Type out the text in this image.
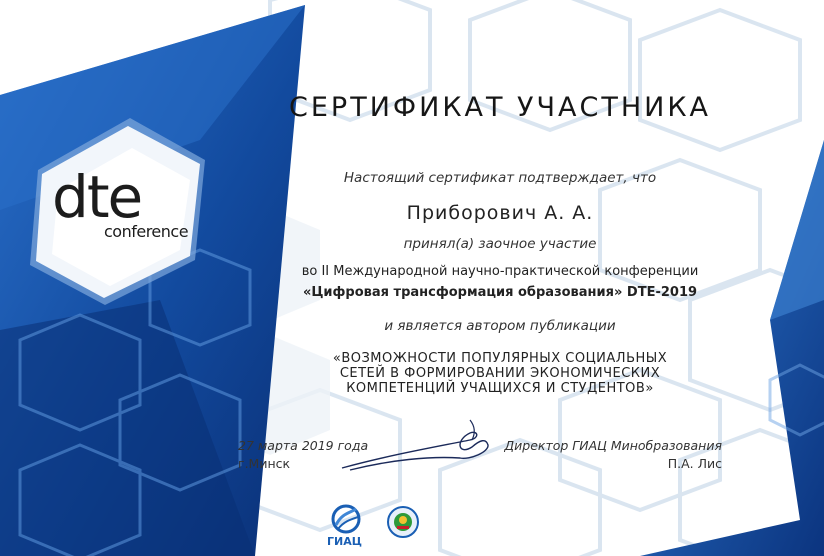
dte
conference
СЕРТИФИКАТ УЧАСТНИКА
Настоящий сертификат подтверждает, что
Приборович А. А.
принял(а) заочное участие
во II Международной научно-практической конференции
«Цифровая трансформация образования» DTE-2019
и является автором публикации
«ВОЗМОЖНОСТИ ПОПУЛЯРНЫХ СОЦИАЛЬНЫХ
СЕТЕЙ В ФОРМИРОВАНИИ ЭКОНОМИЧЕСКИХ
КОМПЕТЕНЦИЙ УЧАЩИХСЯ И СТУДЕНТОВ»
27 марта 2019 года
г.Минск
Директор ГИАЦ Минобразования
П.А. Лис
ГИАЦ
